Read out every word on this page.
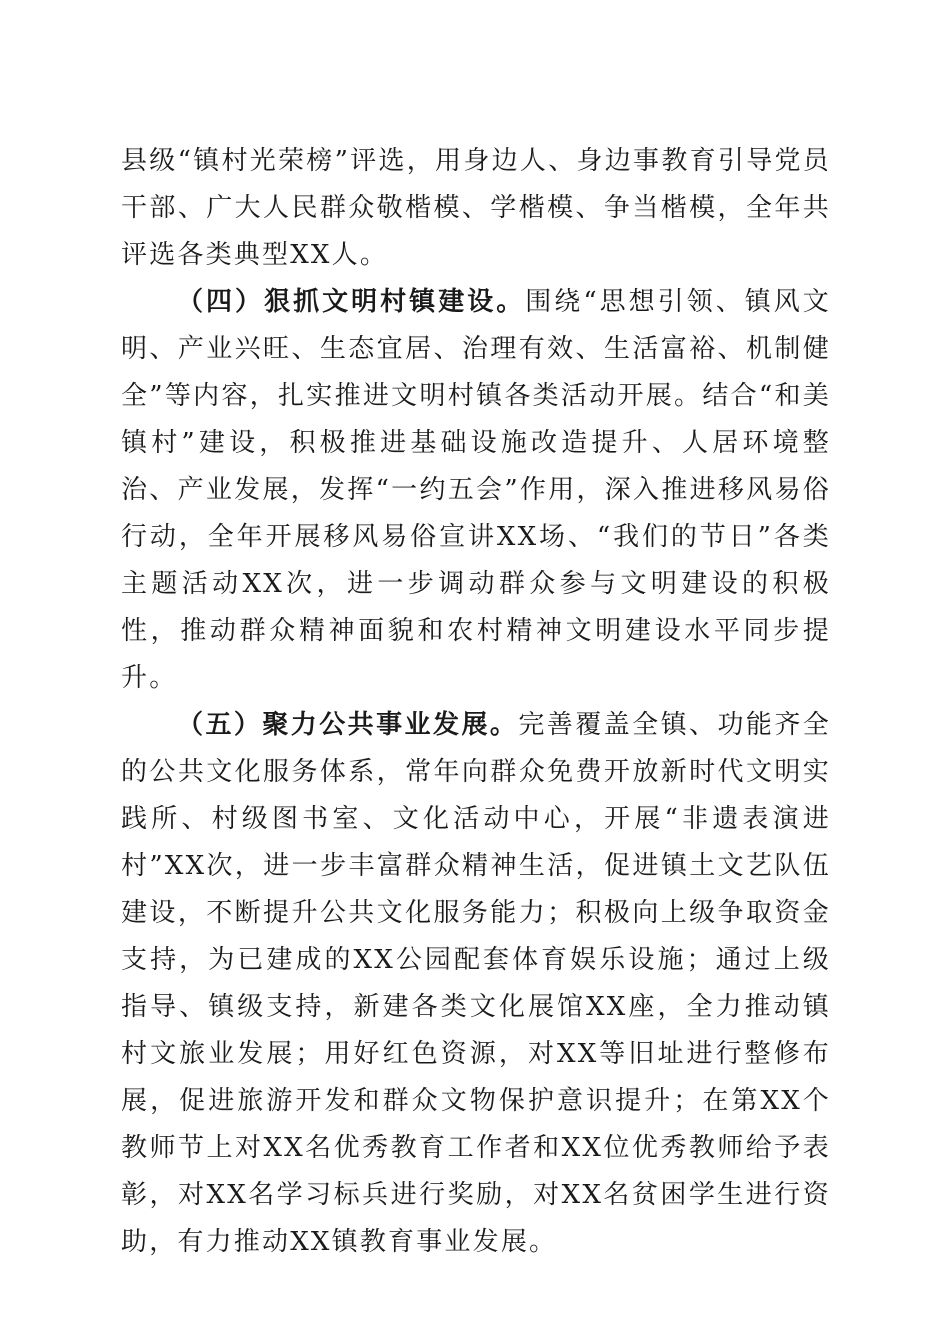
县级“镇村光荣榜”评选，用身边人、身边事教育引导党员干部、广大人民群众敬楷模、学楷模、争当楷模，全年共评选各类典型XX人。

（四）狠抓文明村镇建设。围绕“思想引领、镇风文明、产业兴旺、生态宜居、治理有效、生活富裕、机制健全”等内容，扎实推进文明村镇各类活动开展。结合“和美镇村”建设，积极推进基础设施改造提升、人居环境整治、产业发展，发挥“一约五会”作用，深入推进移风易俗行动，全年开展移风易俗宣讲XX场、“我们的节日”各类主题活动XX次，进一步调动群众参与文明建设的积极性，推动群众精神面貌和农村精神文明建设水平同步提升。

（五）聚力公共事业发展。完善覆盖全镇、功能齐全的公共文化服务体系，常年向群众免费开放新时代文明实践所、村级图书室、文化活动中心，开展“非遗表演进村”XX次，进一步丰富群众精神生活，促进镇土文艺队伍建设，不断提升公共文化服务能力；积极向上级争取资金支持，为已建成的XX公园配套体育娱乐设施；通过上级指导、镇级支持，新建各类文化展馆XX座，全力推动镇村文旅业发展；用好红色资源，对XX等旧址进行整修布展，促进旅游开发和群众文物保护意识提升；在第XX个教师节上对XX名优秀教育工作者和XX位优秀教师给予表彰，对XX名学习标兵进行奖励，对XX名贫困学生进行资助，有力推动XX镇教育事业发展。
